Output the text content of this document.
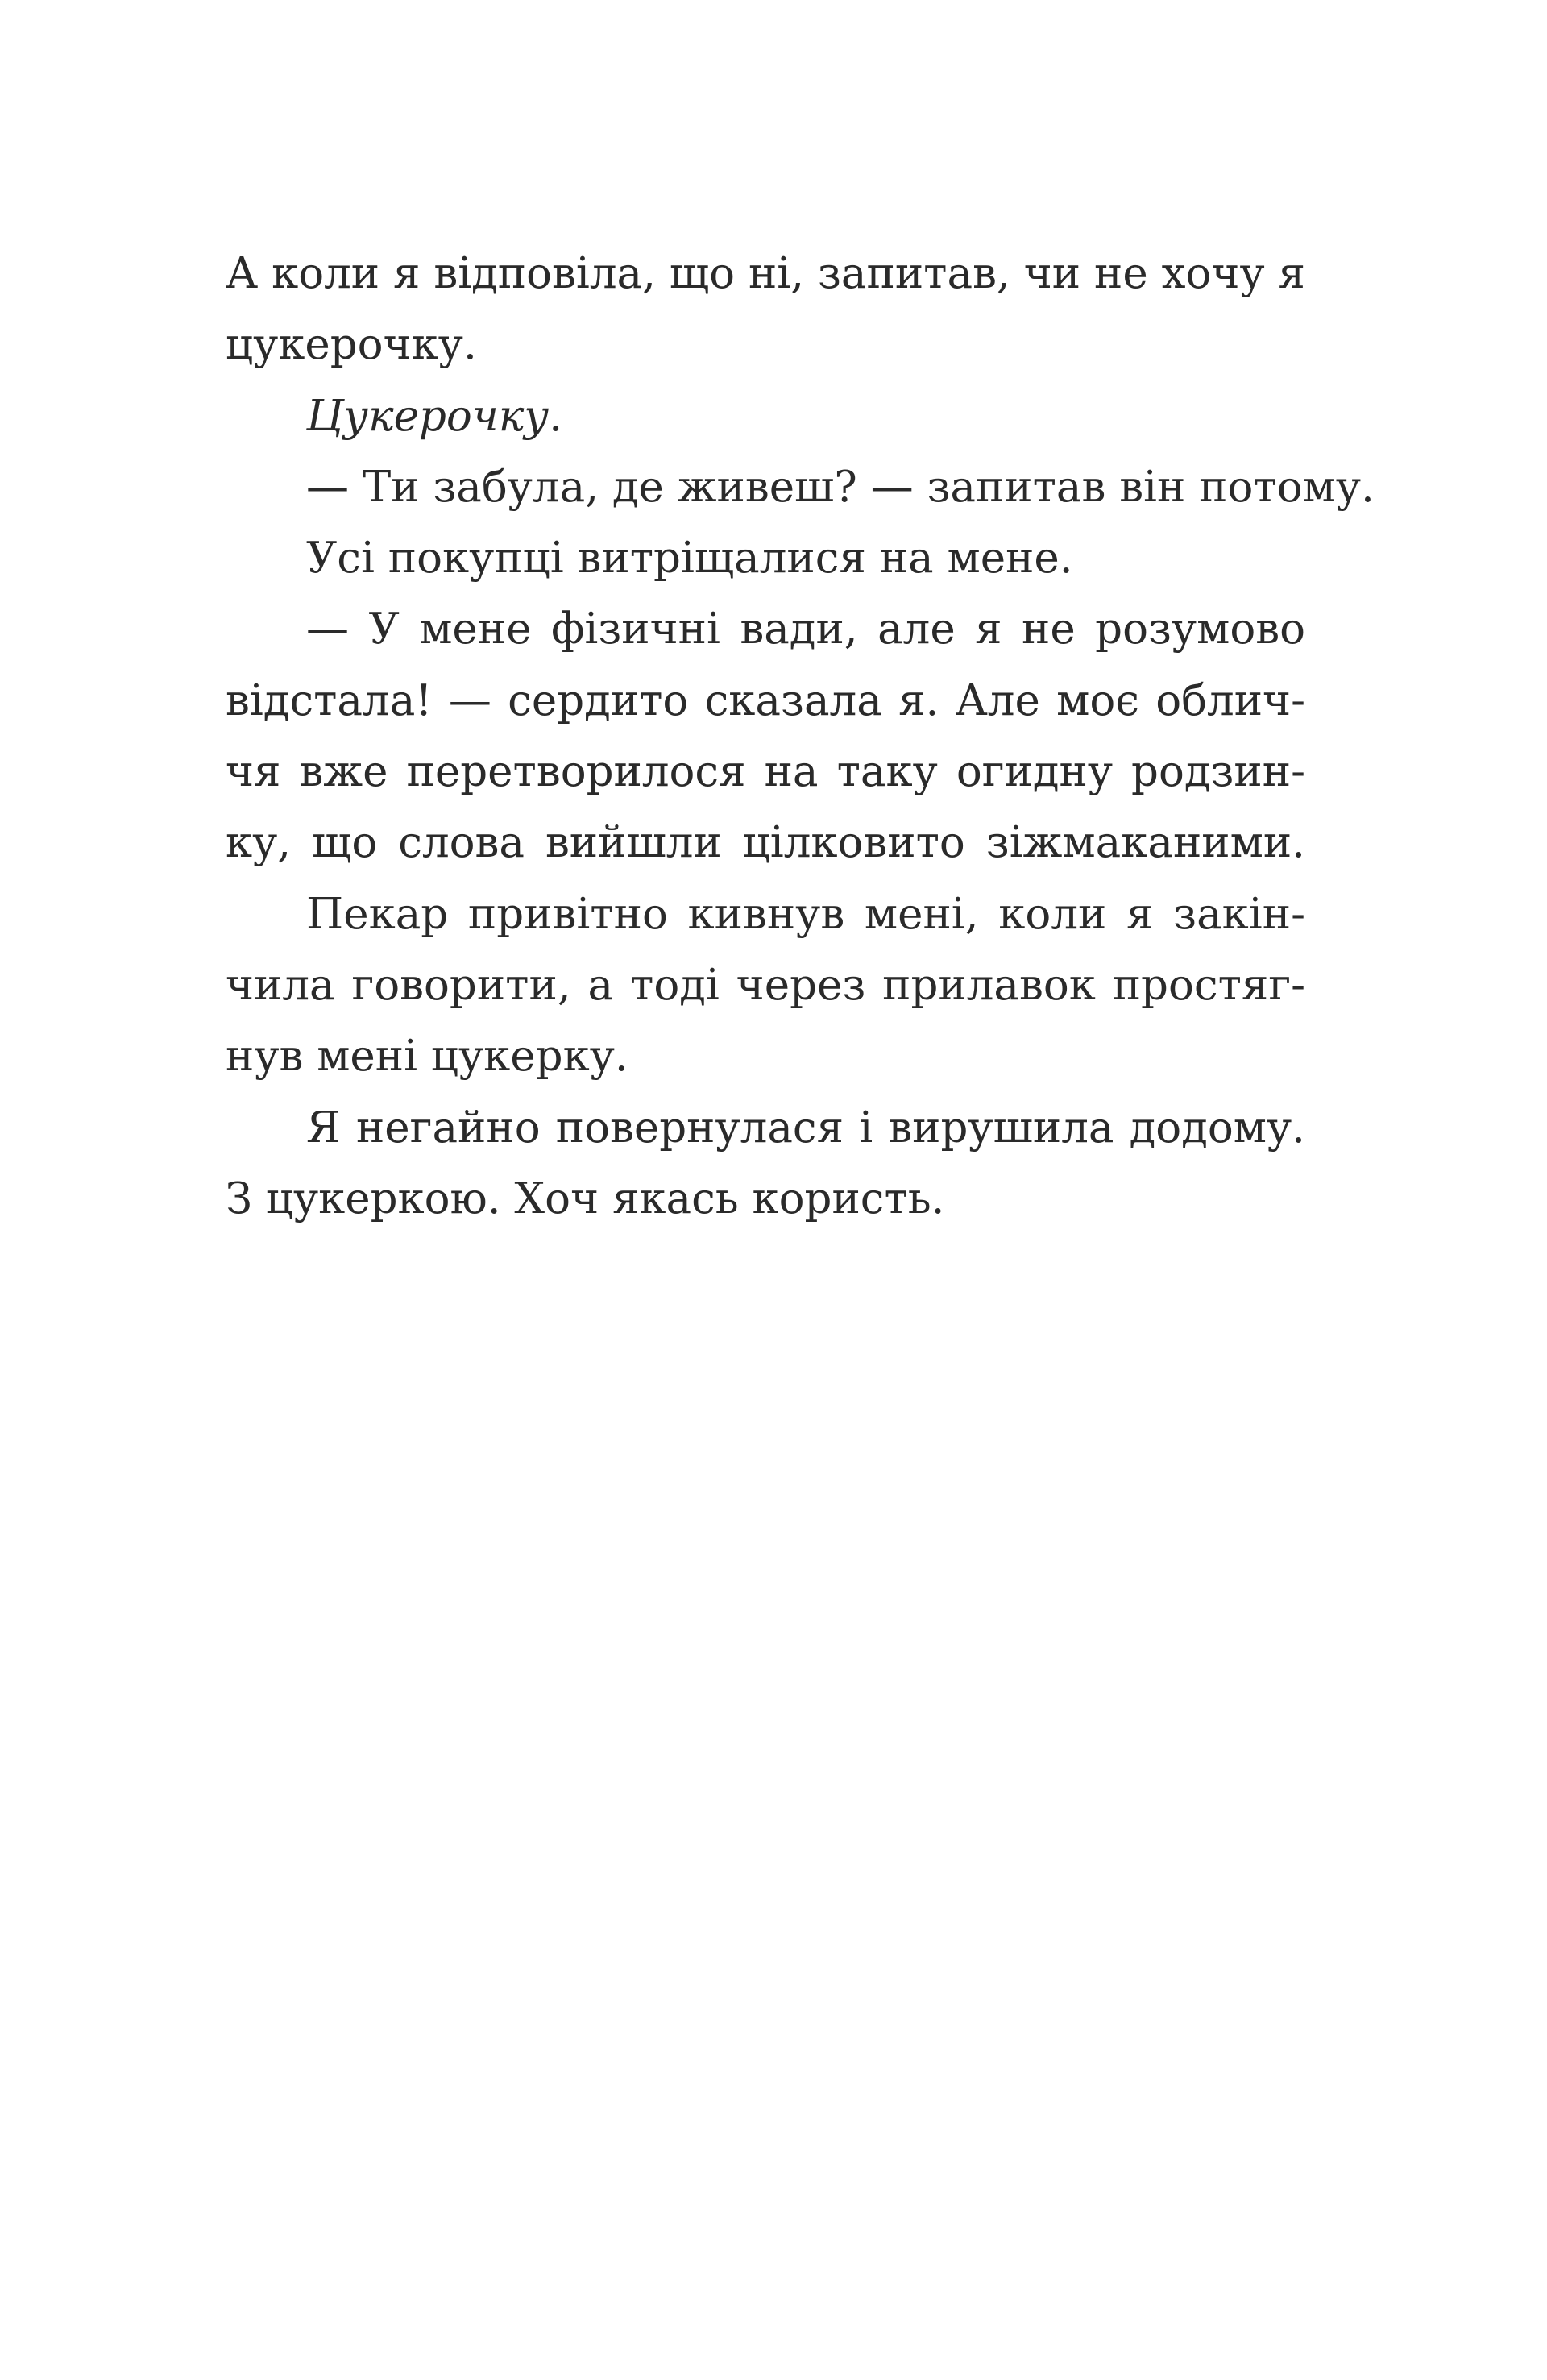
А коли я відповіла, що ні, запитав, чи не хочу я
цукерочку.
Цукерочку.
— Ти забула, де живеш? — запитав він потому.
Усі покупці витріщалися на мене.
— У мене фізичні вади, але я не розумово
відстала! — сердито сказала я. Але моє облич-
чя вже перетворилося на таку огидну родзин-
ку, що слова вийшли цілковито зіжмаканими.
Пекар привітно кивнув мені, коли я закін-
чила говорити, а тоді через прилавок простяг-
нув мені цукерку.
Я негайно повернулася і вирушила додому.
З цукеркою. Хоч якась користь.
